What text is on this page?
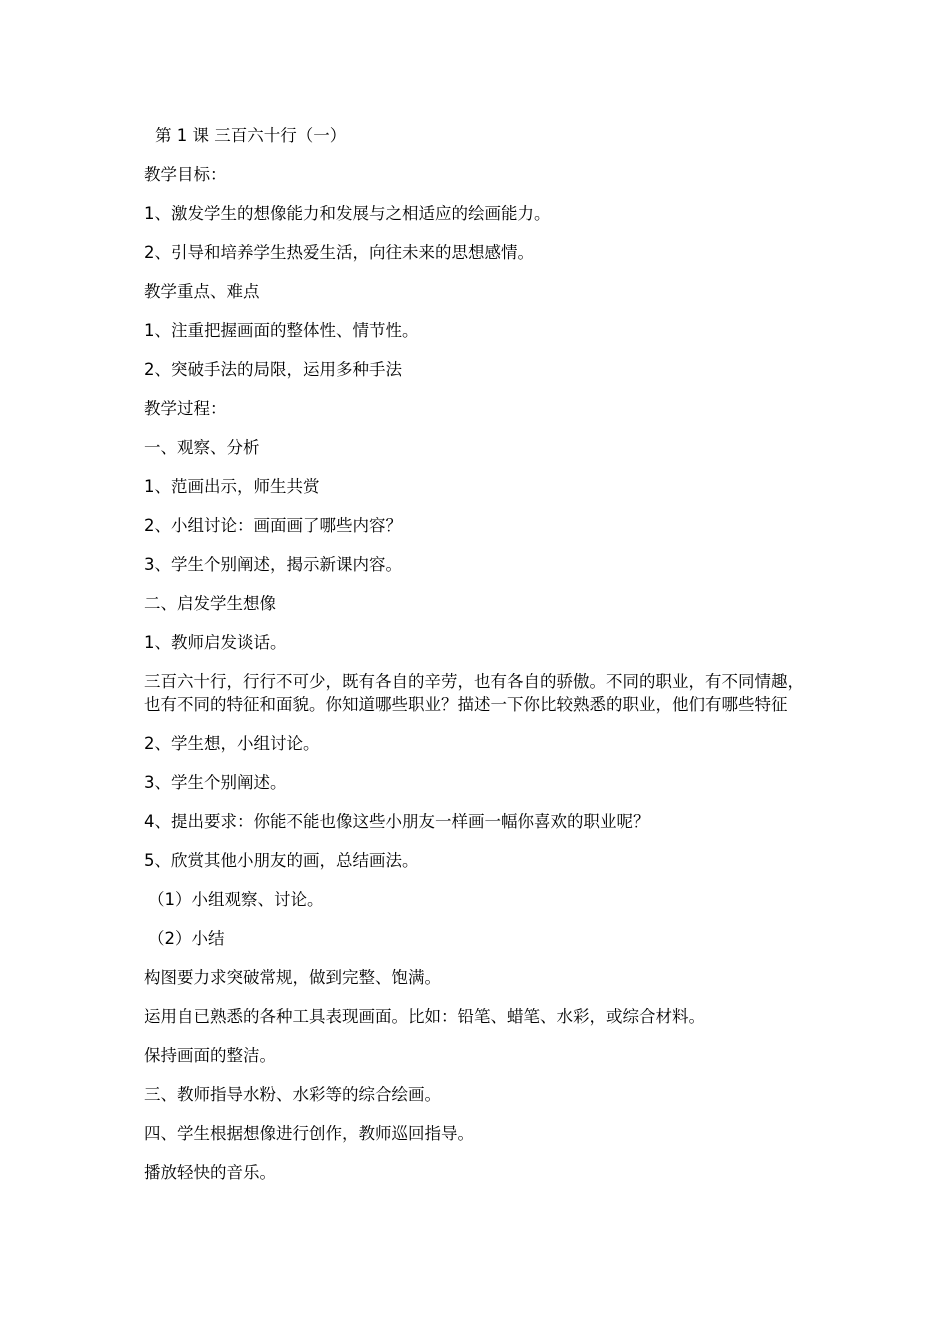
第 1 课 三百六十行（一）

教学目标：

1、激发学生的想像能力和发展与之相适应的绘画能力。

2、引导和培养学生热爱生活，向往未来的思想感情。

教学重点、难点

1、注重把握画面的整体性、情节性。

2、突破手法的局限，运用多种手法

教学过程：

一、观察、分析

1、范画出示，师生共赏

2、小组讨论：画面画了哪些内容？

3、学生个别阐述，揭示新课内容。

二、启发学生想像

1、教师启发谈话。

三百六十行，行行不可少，既有各自的辛劳，也有各自的骄傲。不同的职业，有不同情趣，也有不同的特征和面貌。你知道哪些职业？描述一下你比较熟悉的职业，他们有哪些特征

2、学生想，小组讨论。

3、学生个别阐述。

4、提出要求：你能不能也像这些小朋友一样画一幅你喜欢的职业呢？

5、欣赏其他小朋友的画，总结画法。

（1）小组观察、讨论。

（2）小结

构图要力求突破常规，做到完整、饱满。

运用自已熟悉的各种工具表现画面。比如：铅笔、蜡笔、水彩，或综合材料。

保持画面的整洁。

三、教师指导水粉、水彩等的综合绘画。

四、学生根据想像进行创作，教师巡回指导。

播放轻快的音乐。
